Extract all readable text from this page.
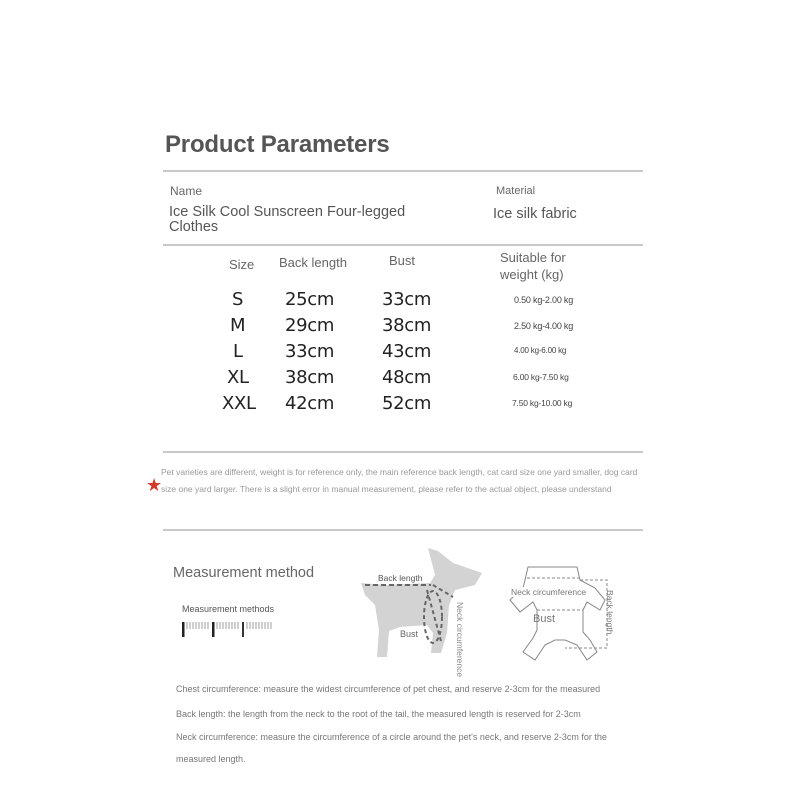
Product Parameters
Name
Ice Silk Cool Sunscreen Four-legged
Clothes
Material
Ice silk fabric
Size Back length	Bust	Suitable for
weight (kg)
S 25cm	33cm	0.50 kg-2.00 kg
M 29cm	38cm	2.50 kg-4.00 kg
L 33cm	43cm	4.00 kg-6.00 kg
XL 38cm	48cm	6.00 kg-7.50 kg
XXL 42cm	52cm	7.50 kg-10.00 kg
★
Pet varieties are different, weight is for reference only, the main reference back length, cat card size one yard smaller, dog card size one yard larger. There is a slight error in manual measurement, please refer to the actual object, please understand
Measurement method
Measurement methods
Back length
Bust	Neck circumference
Neck circumference
Bust	Back length
Chest circumference: measure the widest circumference of pet chest, and reserve 2-3cm for the measured
Back length: the length from the neck to the root of the tail, the measured length is reserved for 2-3cm
Neck circumference: measure the circumference of a circle around the pet's neck, and reserve 2-3cm for the measured length.
